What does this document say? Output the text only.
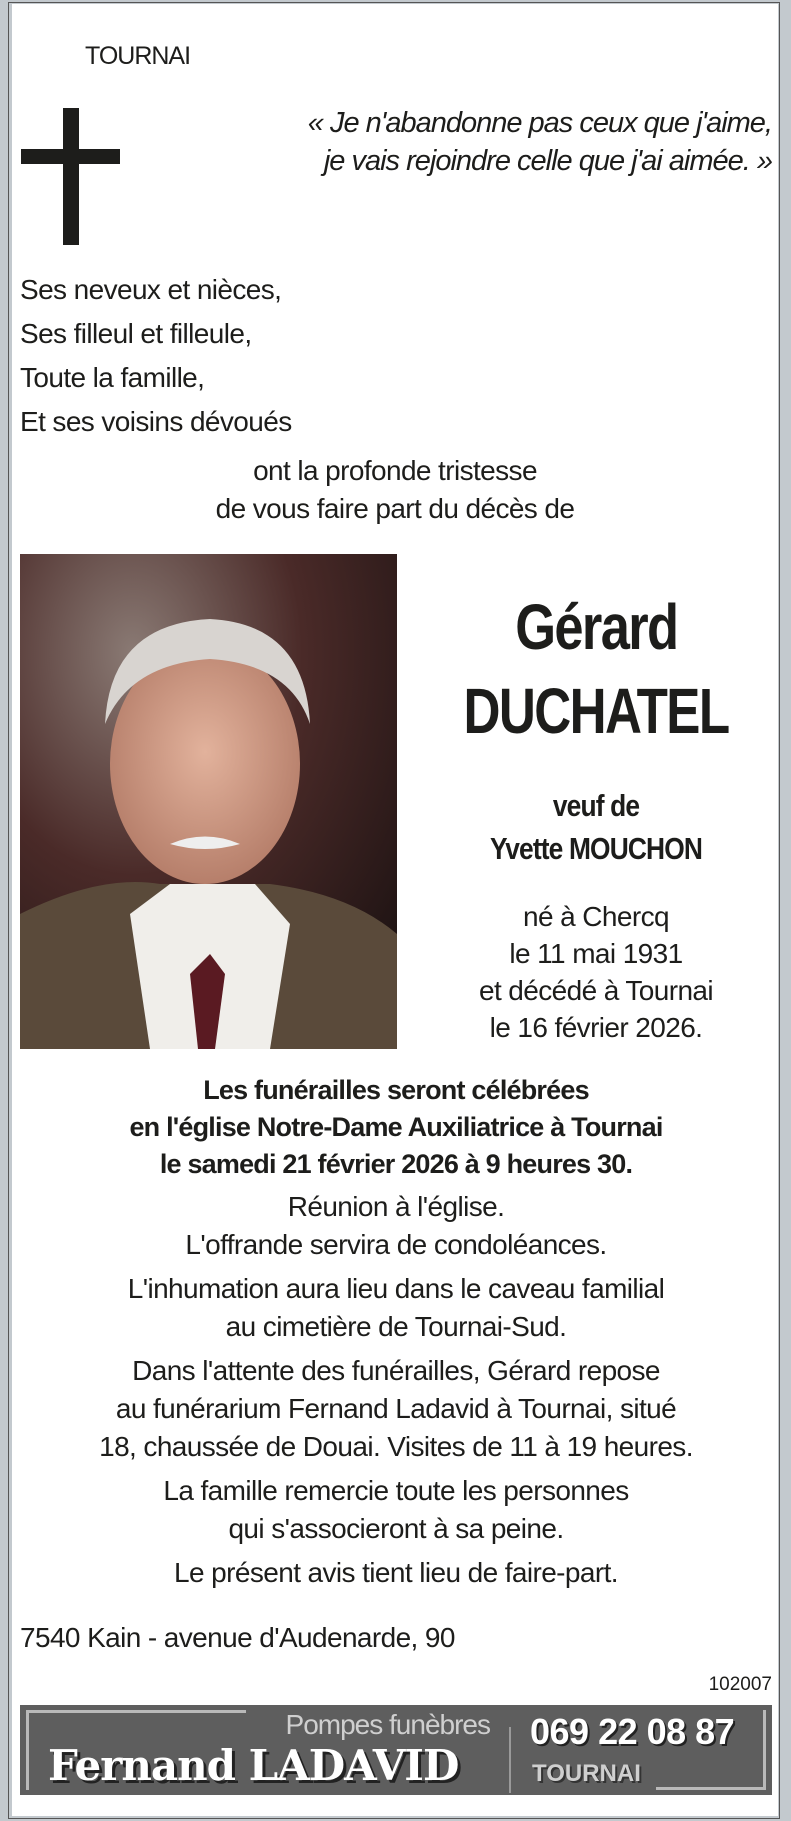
TOURNAI
« Je n'abandonne pas ceux que j'aime,
je vais rejoindre celle que j'ai aimée. »
Ses neveux et nièces,
Ses filleul et filleule,
Toute la famille,
Et ses voisins dévoués
ont la profonde tristesse
de vous faire part du décès de
Gérard
DUCHATEL
veuf de
Yvette MOUCHON
né à Chercq
le 11 mai 1931
et décédé à Tournai
le 16 février 2026.
Les funérailles seront célébrées
en l'église Notre-Dame Auxiliatrice à Tournai
le samedi 21 février 2026 à 9 heures 30.
Réunion à l'église.
L'offrande servira de condoléances.
L'inhumation aura lieu dans le caveau familial
au cimetière de Tournai-Sud.
Dans l'attente des funérailles, Gérard repose
au funérarium Fernand Ladavid à Tournai, situé
18, chaussée de Douai. Visites de 11 à 19 heures.
La famille remercie toute les personnes
qui s'associeront à sa peine.
Le présent avis tient lieu de faire-part.
7540 Kain - avenue d'Audenarde, 90
102007
Pompes funèbres
Fernand LADAVID
069 22 08 87
TOURNAI
